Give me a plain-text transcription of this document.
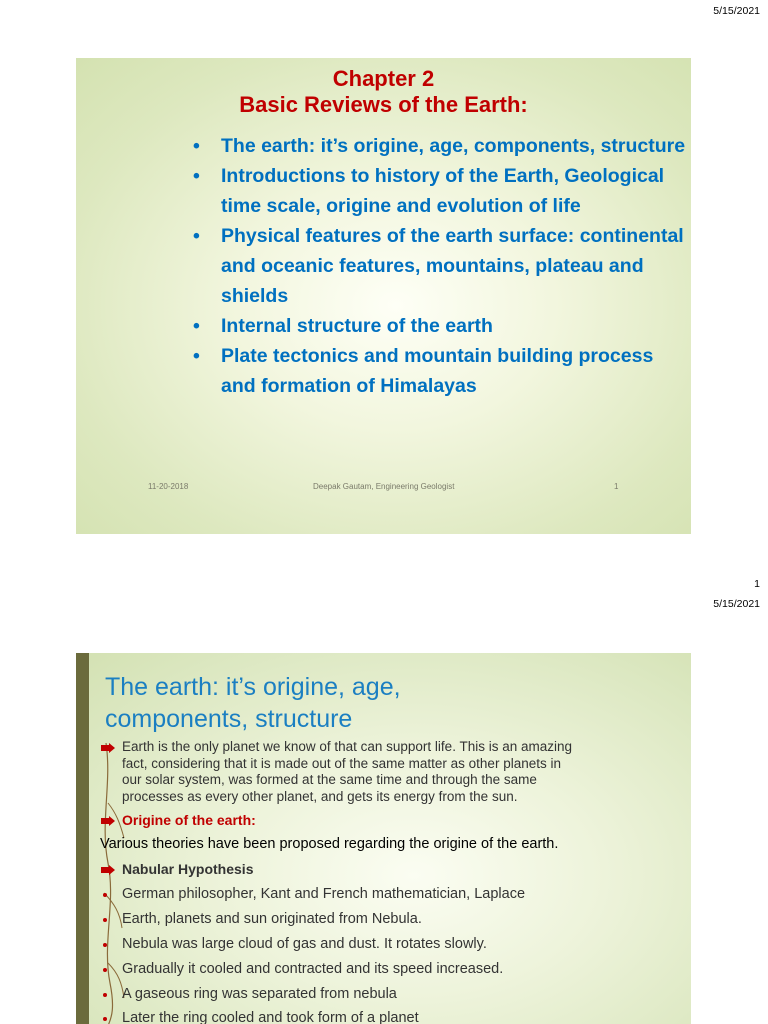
5/15/2021
Chapter 2
Basic Reviews of the Earth:
• The earth: it’s origine, age, components, structure
• Introductions to history of the Earth, Geological time scale, origine and evolution of life
• Physical features of the earth surface: continental and oceanic features, mountains, plateau and shields
• Internal structure of the earth
• Plate tectonics and mountain building process and formation of Himalayas
11-20-2018	Deepak Gautam, Engineering Geologist	1
1
5/15/2021
The earth: it’s origine, age,
components, structure
Earth is the only planet we know of that can support life. This is an amazing
fact, considering that it is made out of the same matter as other planets in
our solar system, was formed at the same time and through the same
processes as every other planet, and gets its energy from the sun.
Origine of the earth:
Various theories have been proposed regarding the origine of the earth.
Nabular Hypothesis
German philosopher, Kant and French mathematician, Laplace
Earth, planets and sun originated from Nebula.
Nebula was large cloud of gas and dust. It rotates slowly.
Gradually it cooled and contracted and its speed increased.
A gaseous ring was separated from nebula
Later the ring cooled and took form of a planet
